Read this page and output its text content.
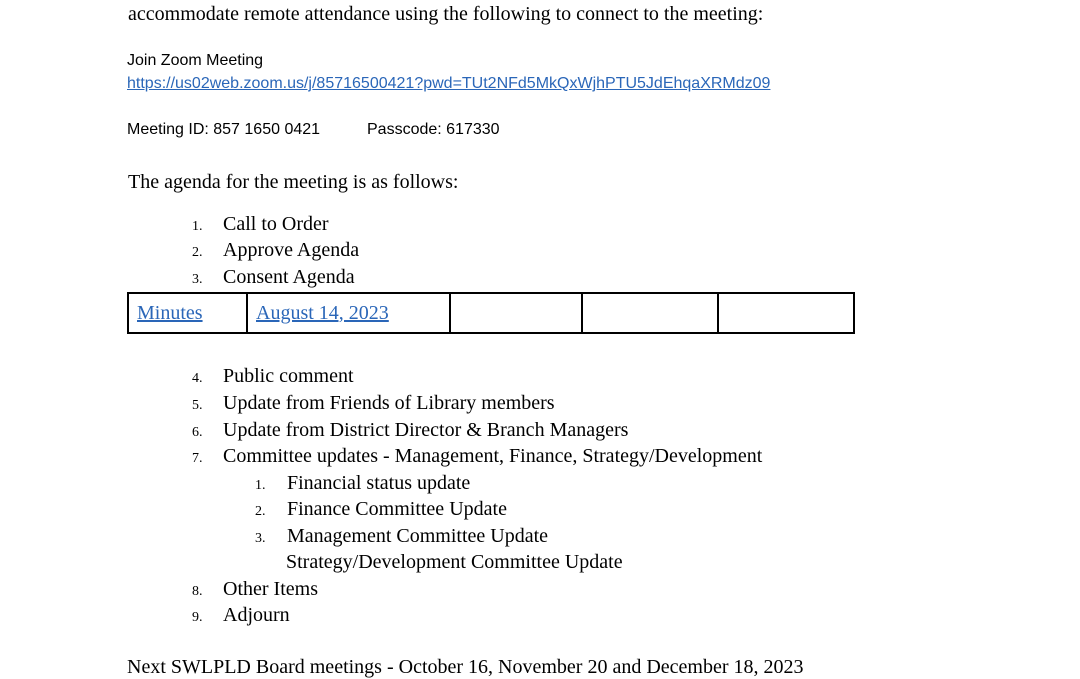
accommodate remote attendance using the following to connect to the meeting:
Join Zoom Meeting
https://us02web.zoom.us/j/85716500421?pwd=TUt2NFd5MkQxWjhPTU5JdEhqaXRMdz09
Meeting ID: 857 1650 0421	Passcode: 617330
The agenda for the meeting is as follows:
1. Call to Order
2. Approve Agenda
3. Consent Agenda
Minutes	August 14, 2023			
4. Public comment
5. Update from Friends of Library members
6. Update from District Director & Branch Managers
7. Committee updates - Management, Finance, Strategy/Development
1. Financial status update
2. Finance Committee Update
3. Management Committee Update
Strategy/Development Committee Update
8. Other Items
9. Adjourn
Next SWLPLD Board meetings - October 16, November 20 and December 18, 2023
